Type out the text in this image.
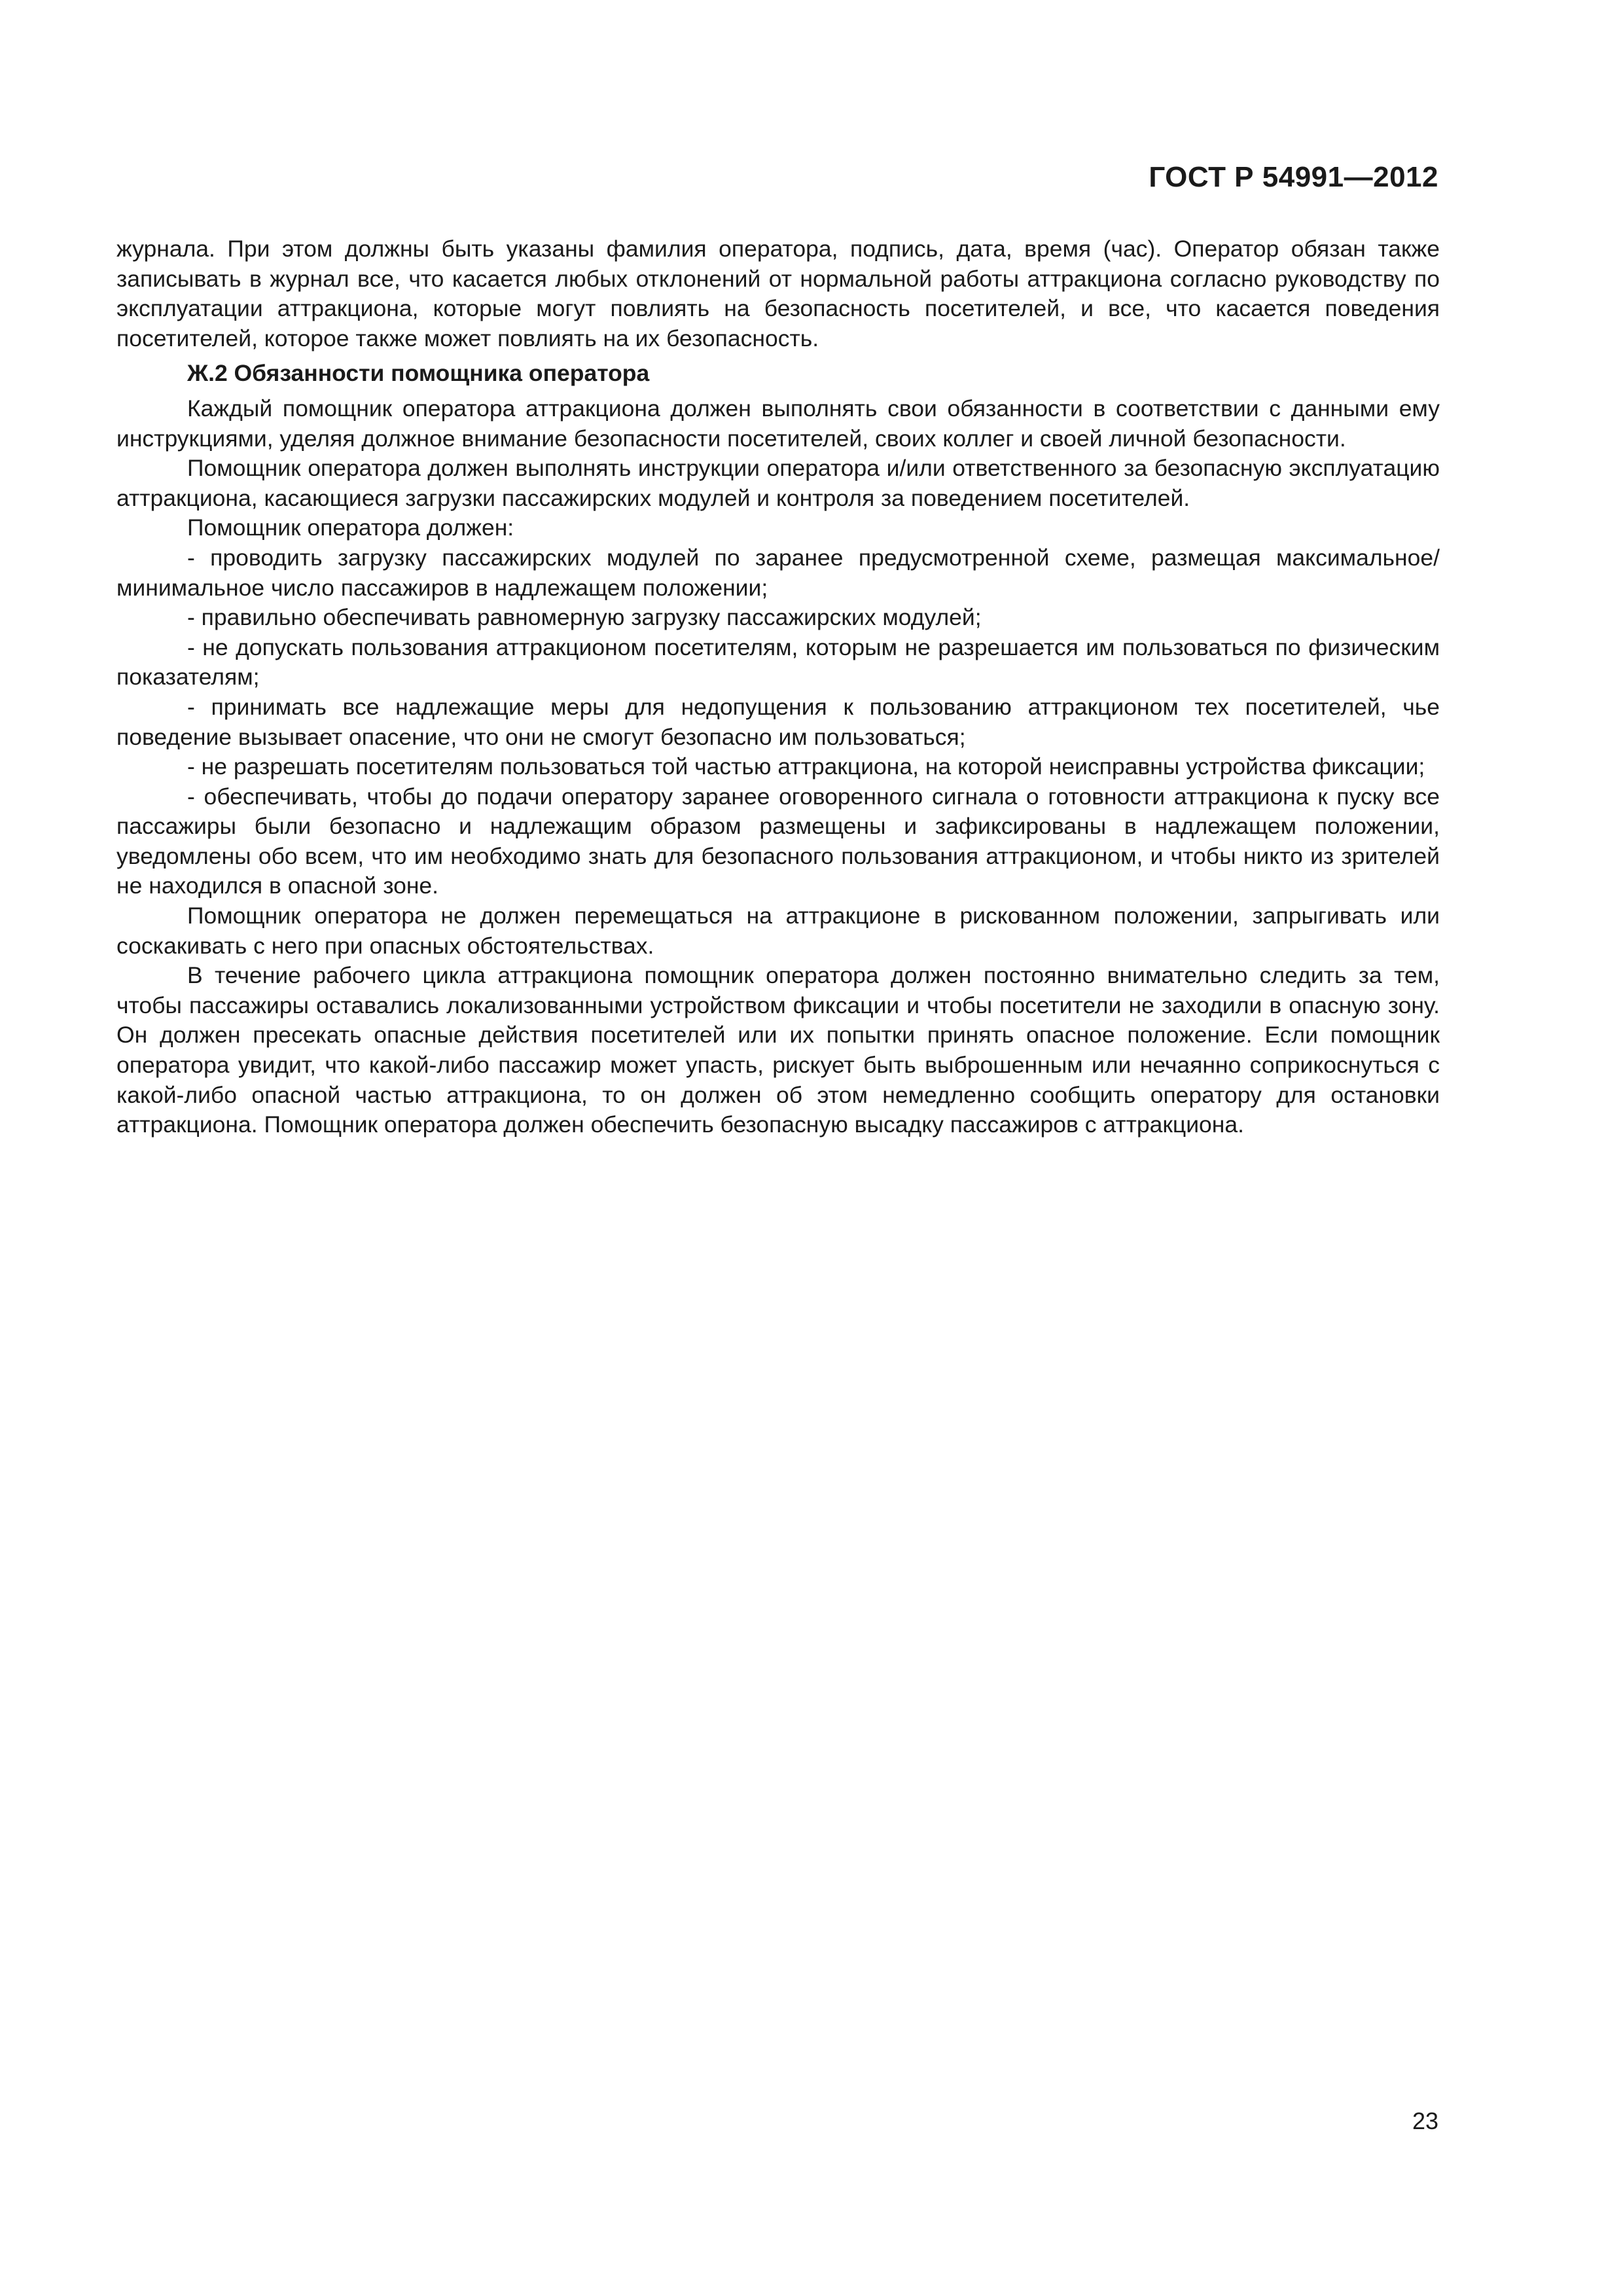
ГОСТ Р 54991—2012

журнала. При этом должны быть указаны фамилия оператора, подпись, дата, время (час). Оператор обязан также записывать в журнал все, что касается любых отклонений от нормальной работы аттракциона согласно руководству по эксплуатации аттракциона, которые могут повлиять на безопасность посетителей, и все, что касается поведения посетителей, которое также может повлиять на их безопасность.

Ж.2 Обязанности помощника оператора

Каждый помощник оператора аттракциона должен выполнять свои обязанности в соответствии с данными ему инструкциями, уделяя должное внимание безопасности посетителей, своих коллег и своей личной безопасности.

Помощник оператора должен выполнять инструкции оператора и/или ответственного за безопасную эксплуатацию аттракциона, касающиеся загрузки пассажирских модулей и контроля за поведением посетителей.

Помощник оператора должен:

- проводить загрузку пассажирских модулей по заранее предусмотренной схеме, размещая максимальное/минимальное число пассажиров в надлежащем положении;

- правильно обеспечивать равномерную загрузку пассажирских модулей;

- не допускать пользования аттракционом посетителям, которым не разрешается им пользоваться по физическим показателям;

- принимать все надлежащие меры для недопущения к пользованию аттракционом тех посетителей, чье поведение вызывает опасение, что они не смогут безопасно им пользоваться;

- не разрешать посетителям пользоваться той частью аттракциона, на которой неисправны устройства фиксации;

- обеспечивать, чтобы до подачи оператору заранее оговоренного сигнала о готовности аттракциона к пуску все пассажиры были безопасно и надлежащим образом размещены и зафиксированы в надлежащем положении, уведомлены обо всем, что им необходимо знать для безопасного пользования аттракционом, и чтобы никто из зрителей не находился в опасной зоне.

Помощник оператора не должен перемещаться на аттракционе в рискованном положении, запрыгивать или соскакивать с него при опасных обстоятельствах.

В течение рабочего цикла аттракциона помощник оператора должен постоянно внимательно следить за тем, чтобы пассажиры оставались локализованными устройством фиксации и чтобы посетители не заходили в опасную зону. Он должен пресекать опасные действия посетителей или их попытки принять опасное положение. Если помощник оператора увидит, что какой-либо пассажир может упасть, рискует быть выброшенным или нечаянно соприкоснуться с какой-либо опасной частью аттракциона, то он должен об этом немедленно сообщить оператору для остановки аттракциона. Помощник оператора должен обеспечить безопасную высадку пассажиров с аттракциона.

23
